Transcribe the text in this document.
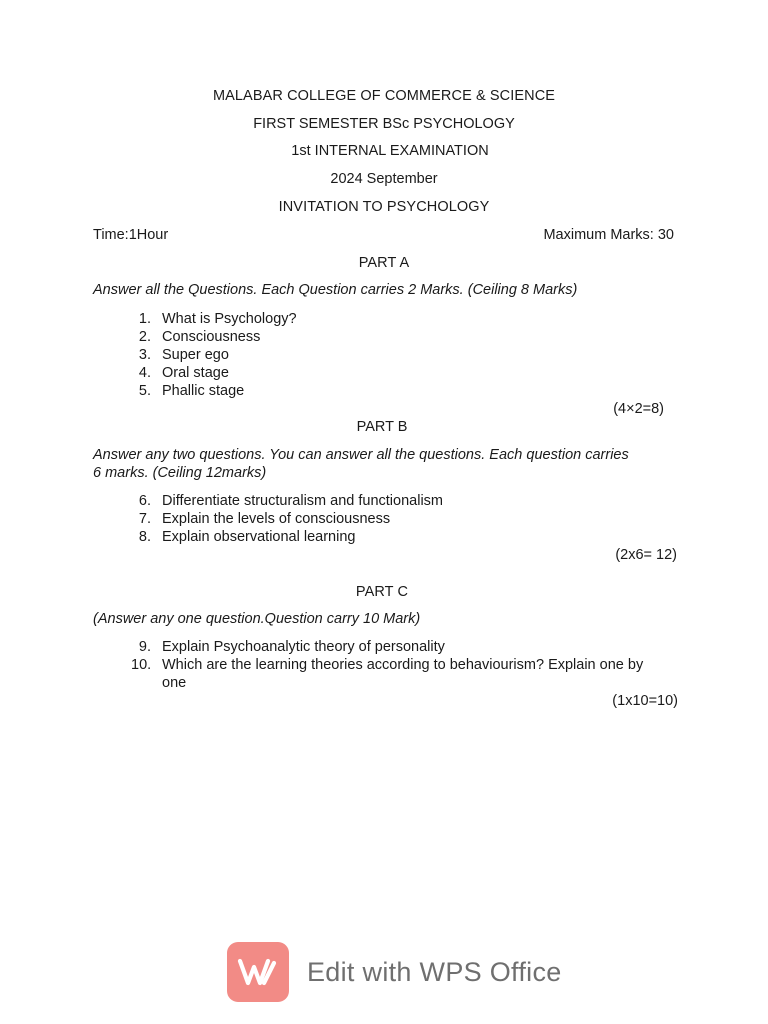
MALABAR COLLEGE OF COMMERCE & SCIENCE
FIRST SEMESTER BSc PSYCHOLOGY
1st INTERNAL EXAMINATION
2024 September
INVITATION TO PSYCHOLOGY
Time:1Hour	Maximum Marks: 30
PART A
Answer all the Questions. Each Question carries 2 Marks. (Ceiling 8 Marks)
1. What is Psychology?
2. Consciousness
3. Super ego
4. Oral stage
5. Phallic stage
(4×2=8)
PART B
Answer any two questions. You can answer all the questions. Each question carries
6 marks. (Ceiling 12marks)
6. Differentiate structuralism and functionalism
7. Explain the levels of consciousness
8. Explain observational learning
(2x6= 12)
PART C
(Answer any one question.Question carry 10 Mark)
9. Explain Psychoanalytic theory of personality
10. Which are the learning theories according to behaviourism? Explain one by
one
(1x10=10)
Edit with WPS Office
